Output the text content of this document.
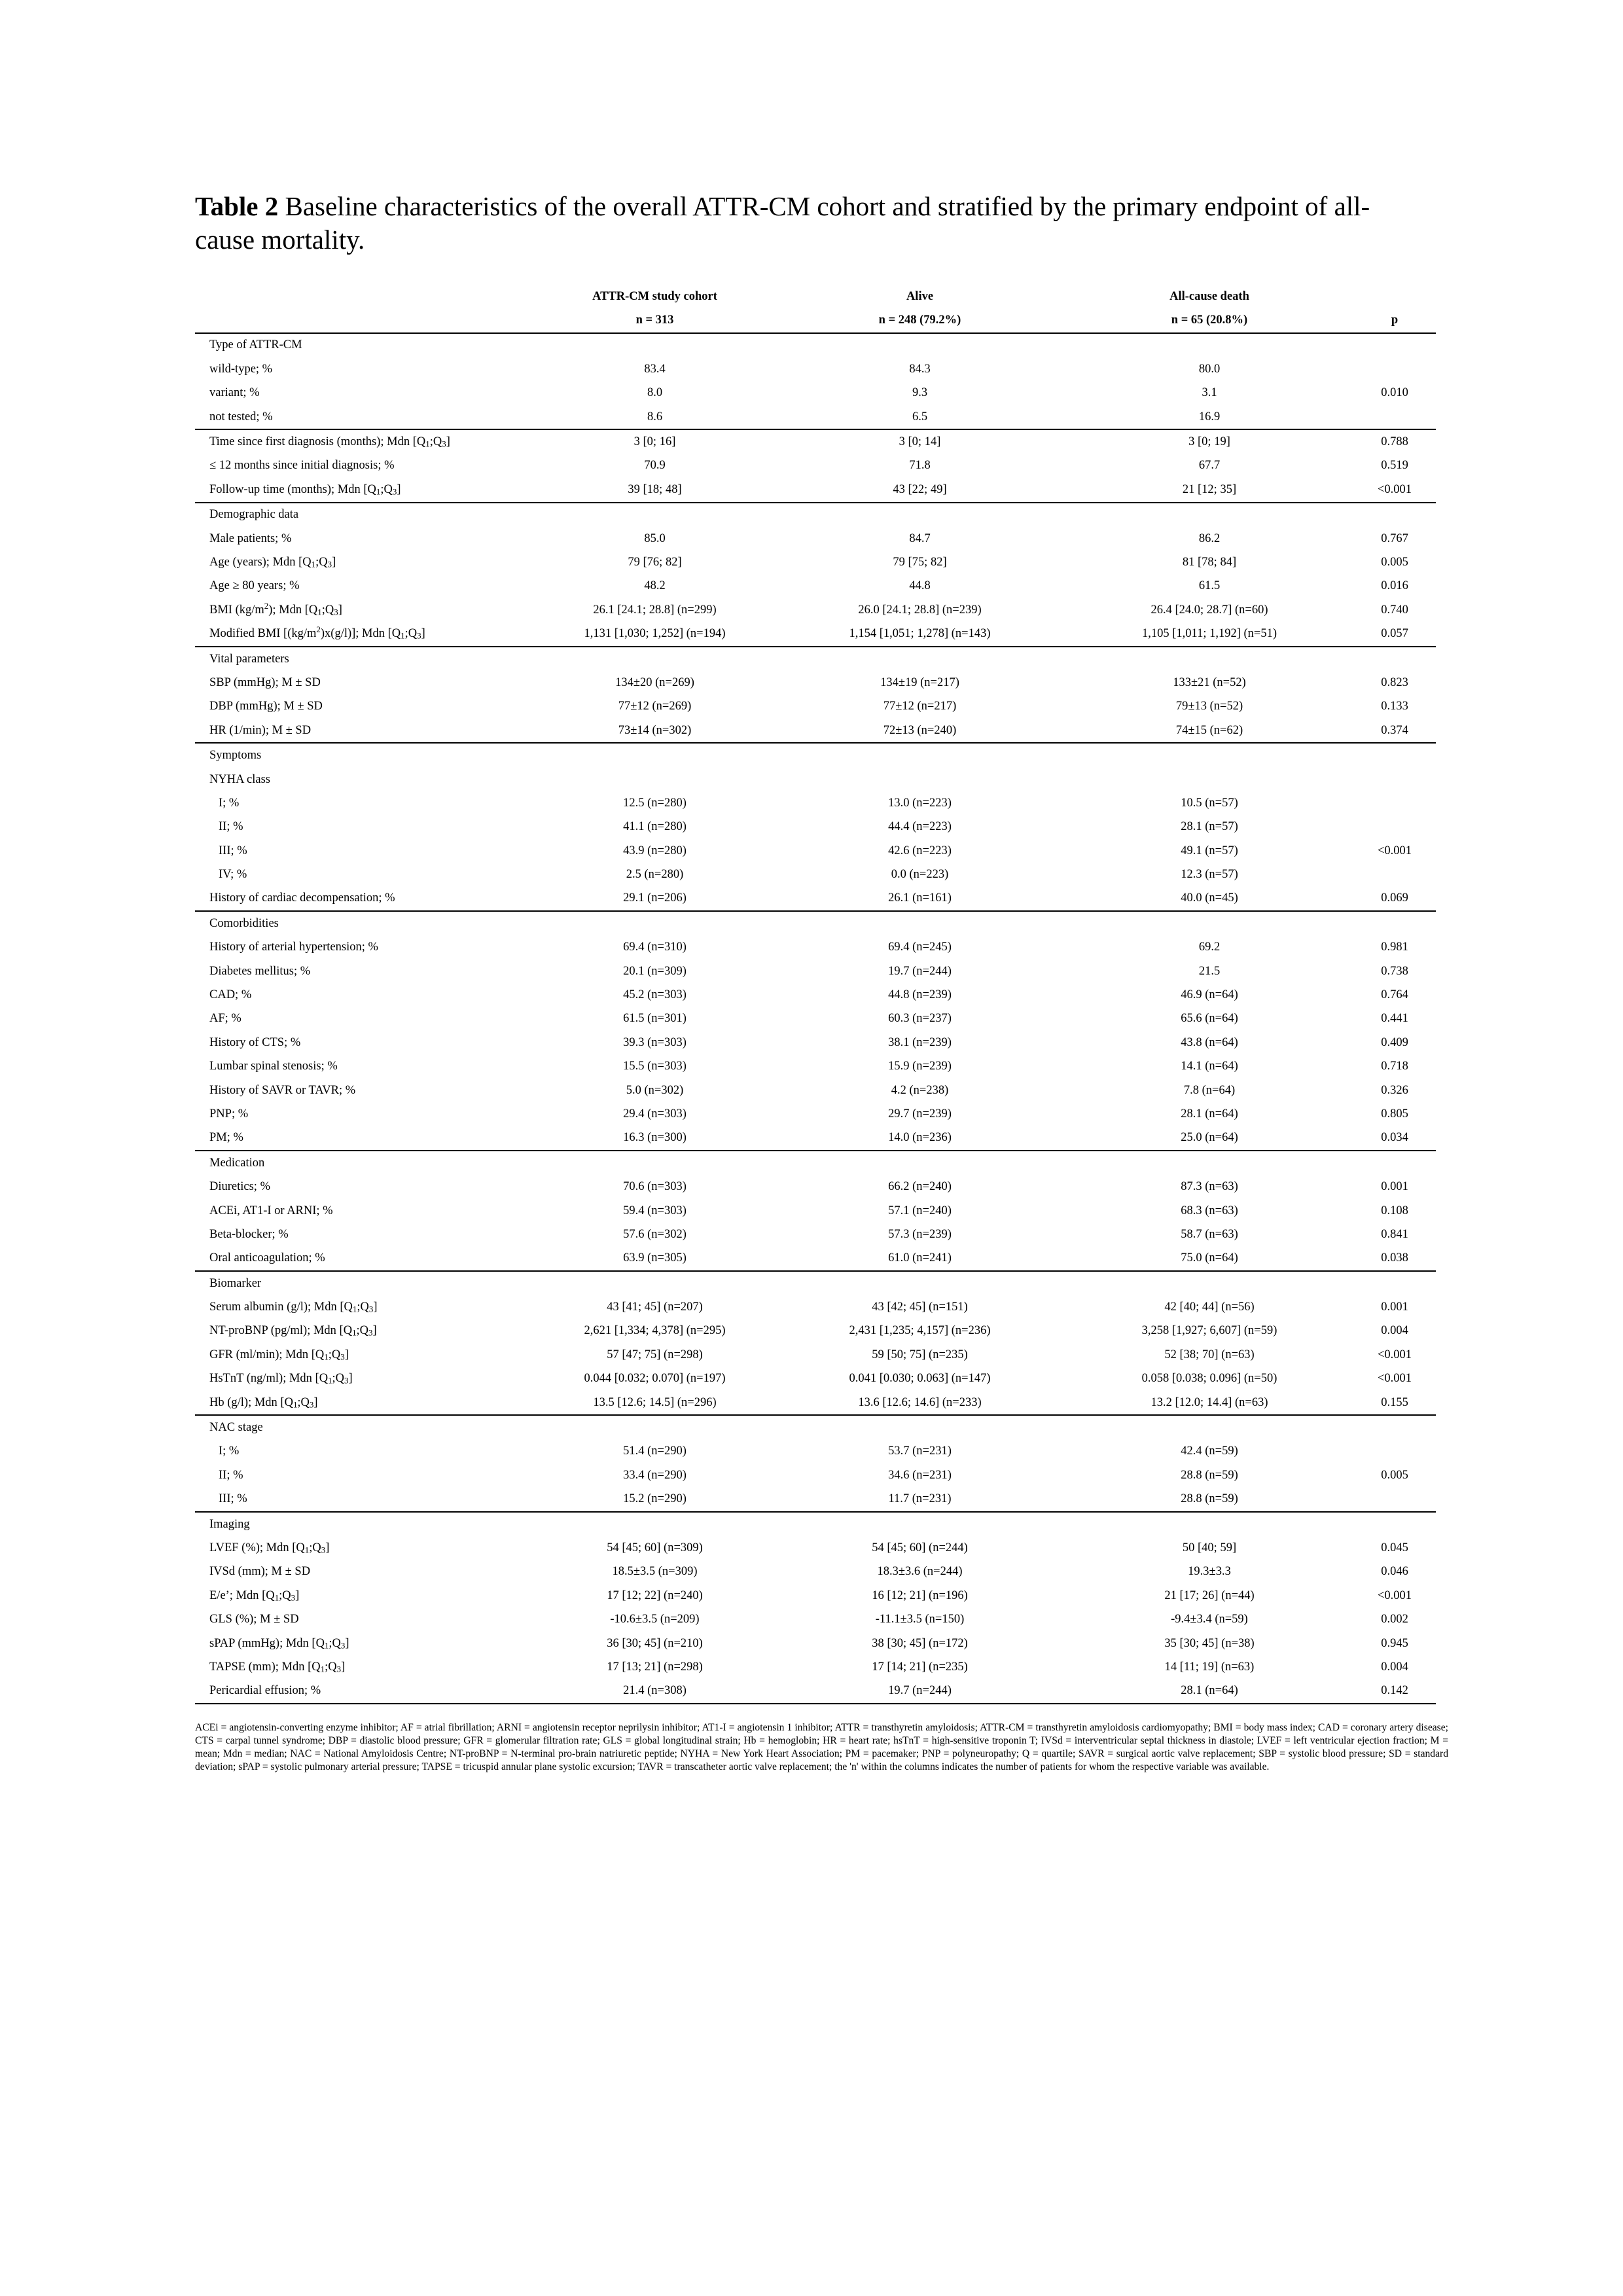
Table 2 Baseline characteristics of the overall ATTR-CM cohort and stratified by the primary endpoint of all-cause mortality.
	ATTR-CM study cohort	Alive	All-cause death	
	n = 313	n = 248 (79.2%)	n = 65 (20.8%)	p
Type of ATTR-CM				
wild-type; %	83.4	84.3	80.0	
variant; %	8.0	9.3	3.1	0.010
not tested; %	8.6	6.5	16.9	
Time since first diagnosis (months); Mdn $[Q_1;Q_3]$	3 [0; 16]	3 [0; 14]	3 [0; 19]	0.788
≤ 12 months since initial diagnosis; %	70.9	71.8	67.7	0.519
Follow-up time (months); Mdn $[Q_1;Q_3]$	39 [18; 48]	43 [22; 49]	21 [12; 35]	<0.001
Demographic data				
Male patients; %	85.0	84.7	86.2	0.767
Age (years); Mdn $[Q_1;Q_3]$	79 [76; 82]	79 [75; 82]	81 [78; 84]	0.005
Age ≥ 80 years; %	48.2	44.8	61.5	0.016
BMI $(kg/m^2)$; Mdn $[Q_1;Q_3]$	26.1 [24.1; 28.8] (n=299)	26.0 [24.1; 28.8] (n=239)	26.4 [24.0; 28.7] (n=60)	0.740
Modified BMI $[(kg/m^2)x(g/l)]$; Mdn $[Q_1;Q_3]$	1,131 [1,030; 1,252] (n=194)	1,154 [1,051; 1,278] (n=143)	1,105 [1,011; 1,192] (n=51)	0.057
Vital parameters				
SBP (mmHg); M ± SD	134±20 (n=269)	134±19 (n=217)	133±21 (n=52)	0.823
DBP (mmHg); M ± SD	77±12 (n=269)	77±12 (n=217)	79±13 (n=52)	0.133
HR (1/min); M ± SD	73±14 (n=302)	72±13 (n=240)	74±15 (n=62)	0.374
Symptoms				
NYHA class				
I; %	12.5 (n=280)	13.0 (n=223)	10.5 (n=57)	
II; %	41.1 (n=280)	44.4 (n=223)	28.1 (n=57)	
III; %	43.9 (n=280)	42.6 (n=223)	49.1 (n=57)	<0.001
IV; %	2.5 (n=280)	0.0 (n=223)	12.3 (n=57)	
History of cardiac decompensation; %	29.1 (n=206)	26.1 (n=161)	40.0 (n=45)	0.069
Comorbidities				
History of arterial hypertension; %	69.4 (n=310)	69.4 (n=245)	69.2	0.981
Diabetes mellitus; %	20.1 (n=309)	19.7 (n=244)	21.5	0.738
CAD; %	45.2 (n=303)	44.8 (n=239)	46.9 (n=64)	0.764
AF; %	61.5 (n=301)	60.3 (n=237)	65.6 (n=64)	0.441
History of CTS; %	39.3 (n=303)	38.1 (n=239)	43.8 (n=64)	0.409
Lumbar spinal stenosis; %	15.5 (n=303)	15.9 (n=239)	14.1 (n=64)	0.718
History of SAVR or TAVR; %	5.0 (n=302)	4.2 (n=238)	7.8 (n=64)	0.326
PNP; %	29.4 (n=303)	29.7 (n=239)	28.1 (n=64)	0.805
PM; %	16.3 (n=300)	14.0 (n=236)	25.0 (n=64)	0.034
Medication				
Diuretics; %	70.6 (n=303)	66.2 (n=240)	87.3 (n=63)	0.001
ACEi, AT1-I or ARNI; %	59.4 (n=303)	57.1 (n=240)	68.3 (n=63)	0.108
Beta-blocker; %	57.6 (n=302)	57.3 (n=239)	58.7 (n=63)	0.841
Oral anticoagulation; %	63.9 (n=305)	61.0 (n=241)	75.0 (n=64)	0.038
Biomarker				
Serum albumin (g/l); Mdn $[Q_1;Q_3]$	43 [41; 45] (n=207)	43 [42; 45] (n=151)	42 [40; 44] (n=56)	0.001
NT-proBNP (pg/ml); Mdn $[Q_1;Q_3]$	2,621 [1,334; 4,378] (n=295)	2,431 [1,235; 4,157] (n=236)	3,258 [1,927; 6,607] (n=59)	0.004
GFR (ml/min); Mdn $[Q_1;Q_3]$	57 [47; 75] (n=298)	59 [50; 75] (n=235)	52 [38; 70] (n=63)	<0.001
HsTnT (ng/ml); Mdn $[Q_1;Q_3]$	0.044 [0.032; 0.070] (n=197)	0.041 [0.030; 0.063] (n=147)	0.058 [0.038; 0.096] (n=50)	<0.001
Hb (g/l); Mdn $[Q_1;Q_3]$	13.5 [12.6; 14.5] (n=296)	13.6 [12.6; 14.6] (n=233)	13.2 [12.0; 14.4] (n=63)	0.155
NAC stage				
I; %	51.4 (n=290)	53.7 (n=231)	42.4 (n=59)	
II; %	33.4 (n=290)	34.6 (n=231)	28.8 (n=59)	0.005
III; %	15.2 (n=290)	11.7 (n=231)	28.8 (n=59)	
Imaging				
LVEF (%); Mdn $[Q_1;Q_3]$	54 [45; 60] (n=309)	54 [45; 60] (n=244)	50 [40; 59]	0.045
IVSd (mm); M ± SD	18.5±3.5 (n=309)	18.3±3.6 (n=244)	19.3±3.3	0.046
E/e’; Mdn $[Q_1;Q_3]$	17 [12; 22] (n=240)	16 [12; 21] (n=196)	21 [17; 26] (n=44)	<0.001
GLS (%); M ± SD	-10.6±3.5 (n=209)	-11.1±3.5 (n=150)	-9.4±3.4 (n=59)	0.002
sPAP (mmHg); Mdn $[Q_1;Q_3]$	36 [30; 45] (n=210)	38 [30; 45] (n=172)	35 [30; 45] (n=38)	0.945
TAPSE (mm); Mdn $[Q_1;Q_3]$	17 [13; 21] (n=298)	17 [14; 21] (n=235)	14 [11; 19] (n=63)	0.004
Pericardial effusion; %	21.4 (n=308)	19.7 (n=244)	28.1 (n=64)	0.142
ACEi = angiotensin-converting enzyme inhibitor; AF = atrial fibrillation; ARNI = angiotensin receptor neprilysin inhibitor; AT1-I = angiotensin 1 inhibitor; ATTR = transthyretin amyloidosis; ATTR-CM = transthyretin amyloidosis cardiomyopathy; BMI = body mass index; CAD = coronary artery disease; CTS = carpal tunnel syndrome; DBP = diastolic blood pressure; GFR = glomerular filtration rate; GLS = global longitudinal strain; Hb = hemoglobin; HR = heart rate; hsTnT = high-sensitive troponin T; IVSd = interventricular septal thickness in diastole; LVEF = left ventricular ejection fraction; M = mean; Mdn = median; NAC = National Amyloidosis Centre; NT-proBNP = N-terminal pro-brain natriuretic peptide; NYHA = New York Heart Association; PM = pacemaker; PNP = polyneuropathy; Q = quartile; SAVR = surgical aortic valve replacement; SBP = systolic blood pressure; SD = standard deviation; sPAP = systolic pulmonary arterial pressure; TAPSE = tricuspid annular plane systolic excursion; TAVR = transcatheter aortic valve replacement; the 'n' within the columns indicates the number of patients for whom the respective variable was available.
